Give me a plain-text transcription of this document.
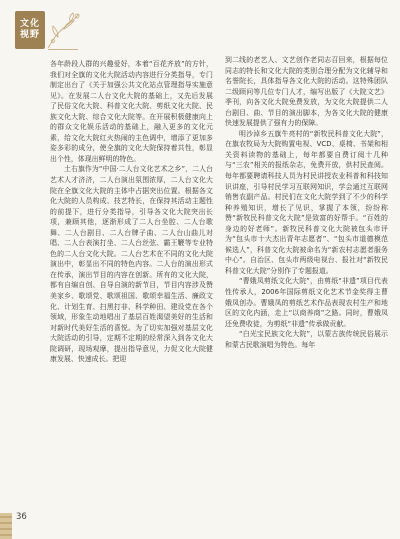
文化
视野

各年龄段人群的兴趣爱好，本着“百花齐放”的方针，我们对全旗的文化大院活动内容进行分类指导，专门制定出台了《关于加强公共文化站点管理指导实施意见》。在发展二人台文化大院的基础上，又先后发展了民俗文化大院、科普文化大院、剪纸文化大院、民族文化大院、综合文化大院等。在开展积极健康向上的群众文化娱乐活动的基础上，融入更多的文化元素，给文化大院红火热闹的主色调中，增添了更加多姿多彩的成分，使全旗的文化大院保持着共性，彰显出个性，体现出鲜明的特色。

土右旗作为“中国·二人台文化艺术之乡”，二人台艺术人才济济，二人台演出氛围浓厚，二人台文化大院在全旗文化大院的主体中占据突出位置。根据各文化大院的人员构成、技艺特长，在保持其活动主题性的前提下，进行分类指导，引导各文化大院突出长项，兼顾其他，逐渐形成了二人台坐腔、二人台歌舞、二人台剧目、二人台牌子曲、二人台山曲儿对唱、二人台表演打坐、二人台丝弦、霸王鞭等专业特色的二人台文化大院。二人台艺术在不同的文化大院演出中，彰显出不同的特色内容。二人台的演出形式在传承，演出节目的内容在创新。所有的文化大院，都有自编自创、自导自演的新节目，节目内容涉及赞美家乡、歌颂党、歌颂祖国、歌颂幸福生活、廉政文化、计划生育、扫黑打非、科学种田、建设党在各个领域，形象生动地唱出了基层百姓渴望美好的生活和对新时代美好生活的喜悦。为了切实加强对基层文化大院活动的引导，定期不定期的经常深入到各文化大院调研，现场观摩，提出指导意见，力促文化大院健康发展、快速成长。把迎

到二线的老艺人、文艺创作老同志召回来，根据每位同志的特长和文化大院的类别合理分配为文化辅导和名誉院长，具体指导各文化大院的活动。这特殊团队二级顾问等几位专门人才，编写出版了《大院文艺》季刊，向各文化大院免费发放，为文化大院提供二人台剧目、曲、节目的演出脚本，为各文化大院的健康快速发展提供了强有力的保障。

明沙淖乡五旗牛亮村的“新牧民科普文化大院”，在旗农牧局为大院购置电视、VCD、桌椅、书架和相关资料读物的基础上，每年都要自费订阅十几种与“三农”相关的报纸杂志，免费开放，供村民查阅。每年都要聘请科技人员为村民讲授农业科普和科技知识讲座，引导村民学习互联网知识，学会通过互联网销售农副产品。村民们在文化大院学到了不少的科学种养殖知识，增长了见识，掌握了本领，纷纷称赞“新牧民科普文化大院”是致富的好帮手。“百姓的身边的好老师”。新牧民科普文化大院被包头市评为“包头市十大杰出青年志愿者”、“包头市道德模范候选人”，科普文化大院被命名为“新农村志愿者服务中心”。自治区、包头市两级电视台、报社对“新牧民科普文化大院”分别作了专题报道。

“曹娥凤剪纸文化大院”，由剪纸“非遗”项目代表性传承人，2006年国际剪纸文化艺术节金奖得主曹娥凤创办。曹娥凤的剪纸艺术作品表现农村生产和地区的文化内涵，走上“以商养商”之路。同时，曹娥凤还免费收徒，为剪纸“非遗”传承做贡献。

“白光宝民族文化大院”，以蒙古族传统民俗展示和蒙古民歌演唱为特色。每年

36
